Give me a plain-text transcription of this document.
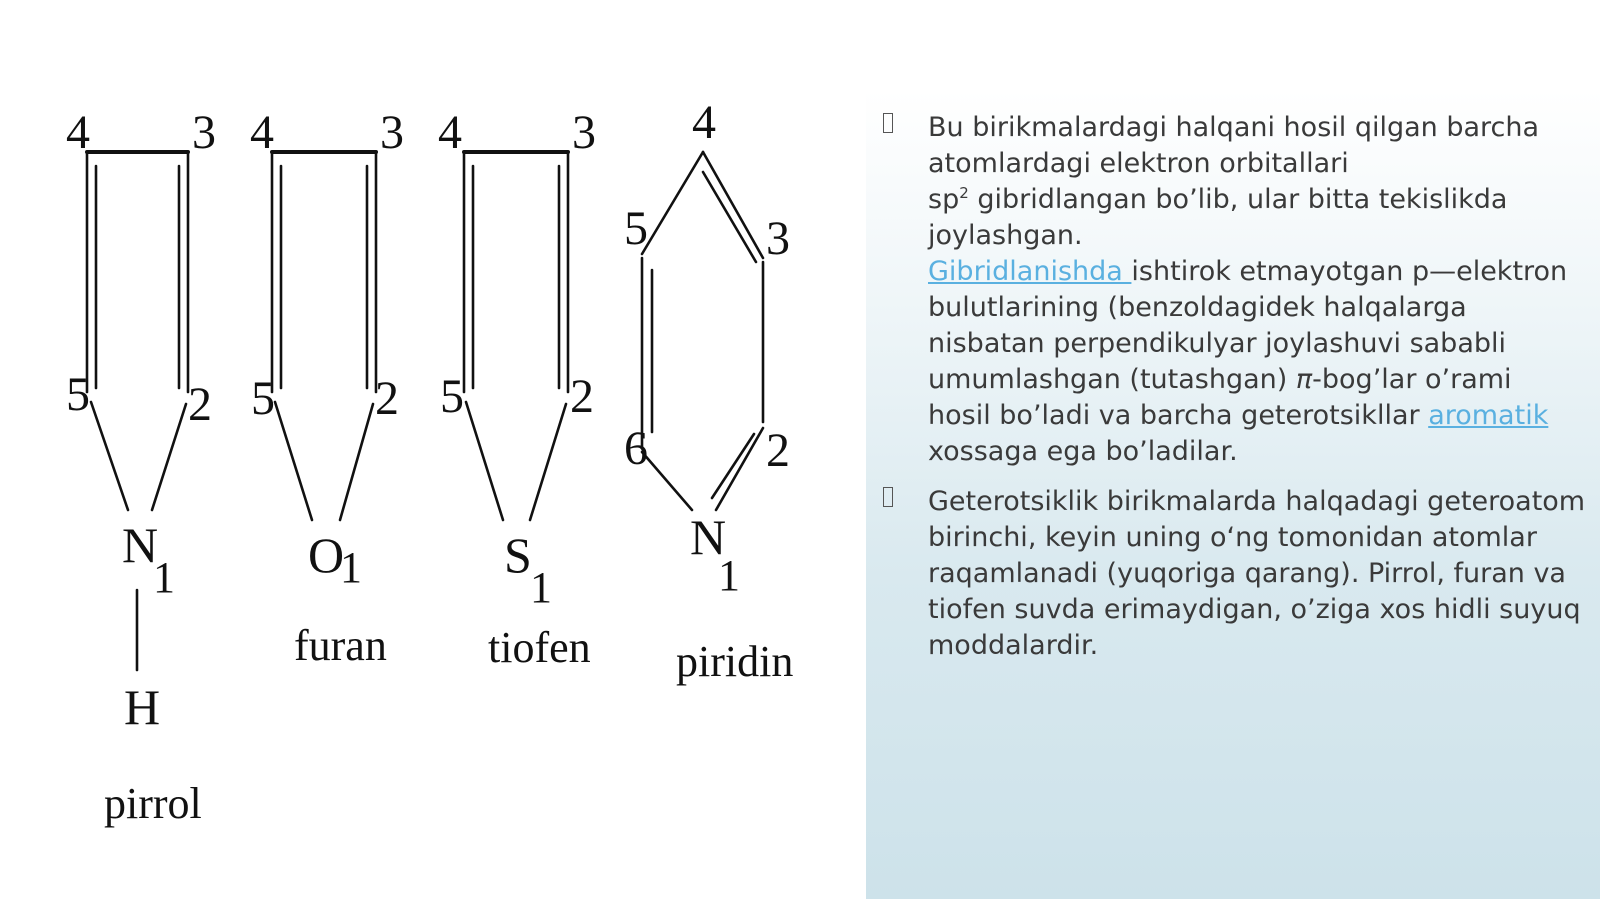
4 3
5 2
N
1
H
pirrol
4 3
5 2
O
1
furan
4 3
5 2
S
1
tiofen
4
5 3
6 2
N
1
piridin
Bu birikmalardagi halqani hosil qilgan barcha
atomlardagi elektron orbitallari
$sp^2$ gibridlangan bo’lib, ular bitta tekislikda
joylashgan.
Gibridlanishda ishtirok etmayotgan p—elektron
bulutlarining (benzoldagidek halqalarga
nisbatan perpendikulyar joylashuvi sababli
umumlashgan (tutashgan) π-bog’lar o’rami
hosil bo’ladi va barcha geterotsikllar aromatik
xossaga ega bo’ladilar.
Geterotsiklik birikmalarda halqadagi geteroatom birinchi, keyin uning o‘ng tomonidan atomlar raqamlanadi (yuqoriga qarang). Pirrol, furan va tiofen suvda erimaydigan, o’ziga xos hidli suyuq moddalardir.
